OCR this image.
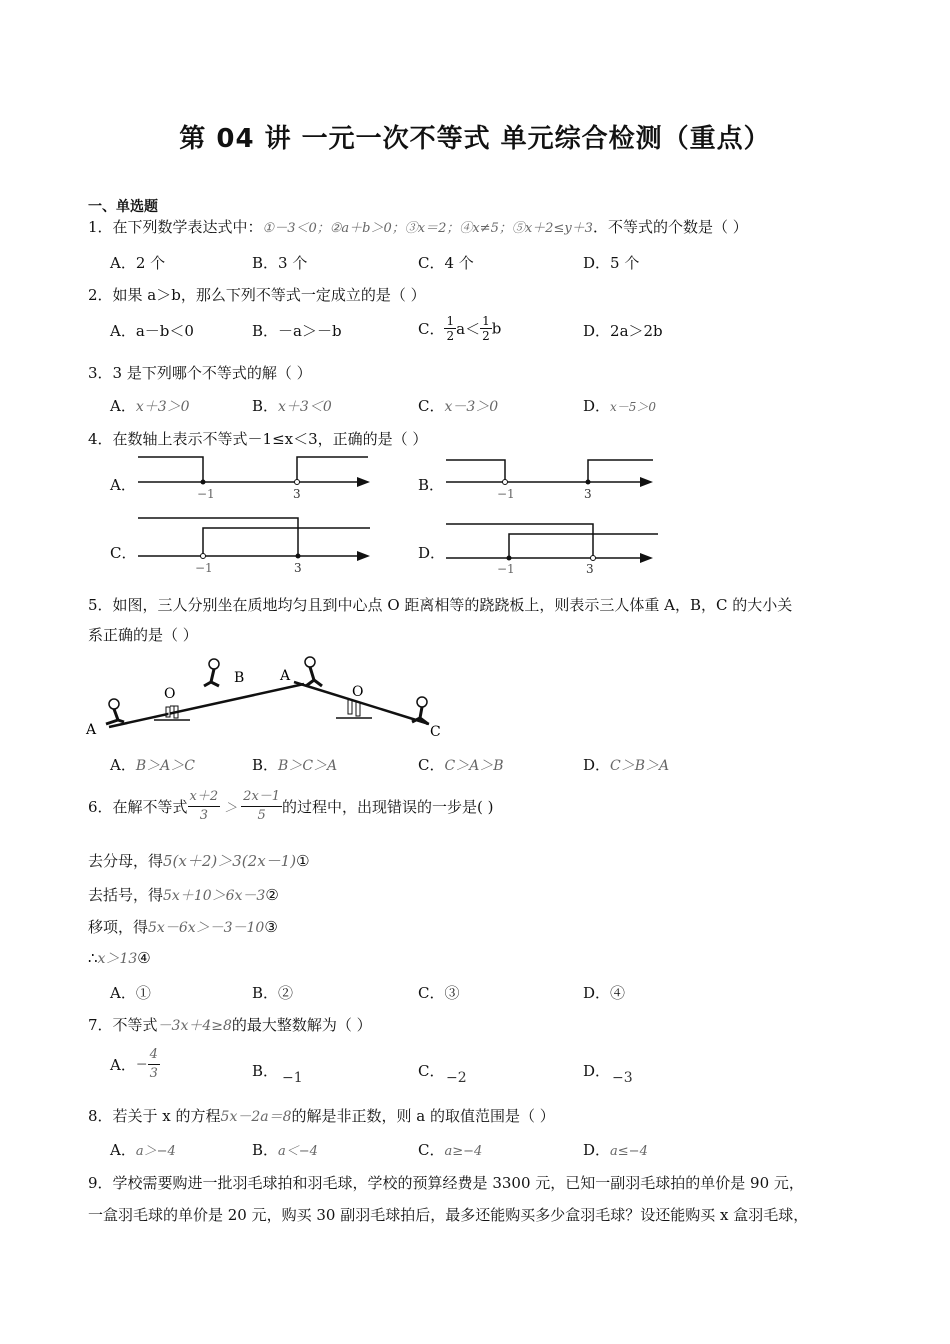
第 04 讲 一元一次不等式 单元综合检测（重点）
一、单选题
1．在下列数学表达式中：①－3＜0；②a＋b＞0；③x＝2；④x≠5；⑤x＋2≤y＋3．不等式的个数是（ ）
A．2 个	B．3 个	C．4 个	D．5 个
2．如果 a＞b，那么下列不等式一定成立的是（ ）
A．a－b＜0	B．－a＞－b	C． $\frac{1}{2} a< \frac{1}{2}$ b	D．2a＞2b
3．3 是下列哪个不等式的解（ ）
A．x＋3＞0	B．x＋3＜0	C．x－3＞0	D．x－5＞0
4．在数轴上表示不等式－1≤x＜3，正确的是（ ）
A．	−1	3	B．	−1	3
C．
−1	3
D．
−1	3
5．如图，三人分别坐在质地均匀且到中心点 O 距离相等的跷跷板上，则表示三人体重 A，B，C 的大小关
系正确的是（ ）
O
A
B
O
A
C
A．B＞A＞C	B．B＞C＞A	C．C＞A＞B	D．C＞B＞A
6．在解不等式 $\frac{x+2}{3} > \frac{2x-1}{5}$ 的过程中，出现错误的一步是( )
去分母，得5(x＋2)＞3(2x－1)①
去括号，得5x＋10＞6x－3②
移项，得5x－6x＞－3－10③
∴x＞13④
A．①	B．②	C．③	D．④
7．不等式－3x＋4≥8的最大整数解为（ ）
A．− $\frac{4}{3}$	B． −1	C． −2	D． −3
8．若关于 x 的方程5x－2a＝8的解是非正数，则 a 的取值范围是（ ）
A．a＞−4	B．a＜−4	C．a≥−4	D．a≤−4
9．学校需要购进一批羽毛球拍和羽毛球，学校的预算经费是 3300 元，已知一副羽毛球拍的单价是 90 元，
一盒羽毛球的单价是 20 元，购买 30 副羽毛球拍后，最多还能购买多少盒羽毛球？设还能购买 x 盒羽毛球，
